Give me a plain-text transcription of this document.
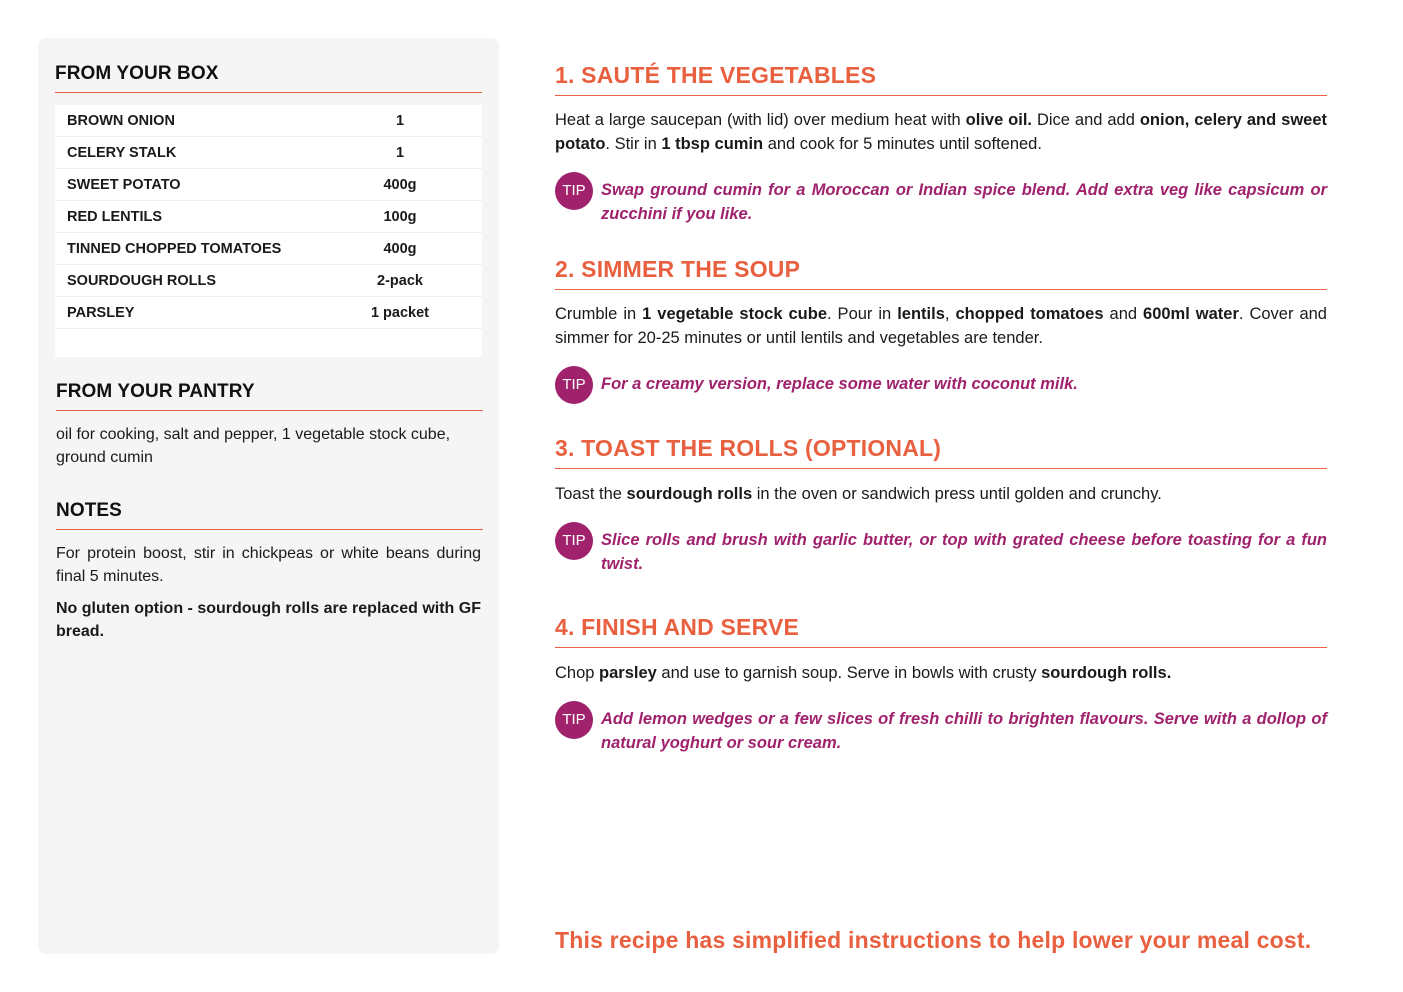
FROM YOUR BOX
BROWN ONION	1
CELERY STALK	1
SWEET POTATO	400g
RED LENTILS	100g
TINNED CHOPPED TOMATOES	400g
SOURDOUGH ROLLS	2-pack
PARSLEY	1 packet
FROM YOUR PANTRY

oil for cooking, salt and pepper, 1 vegetable stock cube, ground cumin

NOTES

For protein boost, stir in chickpeas or white beans during final 5 minutes.

No gluten option - sourdough rolls are replaced with GF bread.

1. SAUTÉ THE VEGETABLES

Heat a large saucepan (with lid) over medium heat with olive oil. Dice and add onion, celery and sweet potato. Stir in 1 tbsp cumin and cook for 5 minutes until softened.

TIP Swap ground cumin for a Moroccan or Indian spice blend. Add extra veg like capsicum or zucchini if you like.

2. SIMMER THE SOUP

Crumble in 1 vegetable stock cube. Pour in lentils, chopped tomatoes and 600ml water. Cover and simmer for 20-25 minutes or until lentils and vegetables are tender.

TIP For a creamy version, replace some water with coconut milk.

3. TOAST THE ROLLS (OPTIONAL)

Toast the sourdough rolls in the oven or sandwich press until golden and crunchy.

TIP Slice rolls and brush with garlic butter, or top with grated cheese before toasting for a fun twist.

4. FINISH AND SERVE

Chop parsley and use to garnish soup. Serve in bowls with crusty sourdough rolls.

TIP Add lemon wedges or a few slices of fresh chilli to brighten flavours. Serve with a dollop of natural yoghurt or sour cream.

This recipe has simplified instructions to help lower your meal cost.
